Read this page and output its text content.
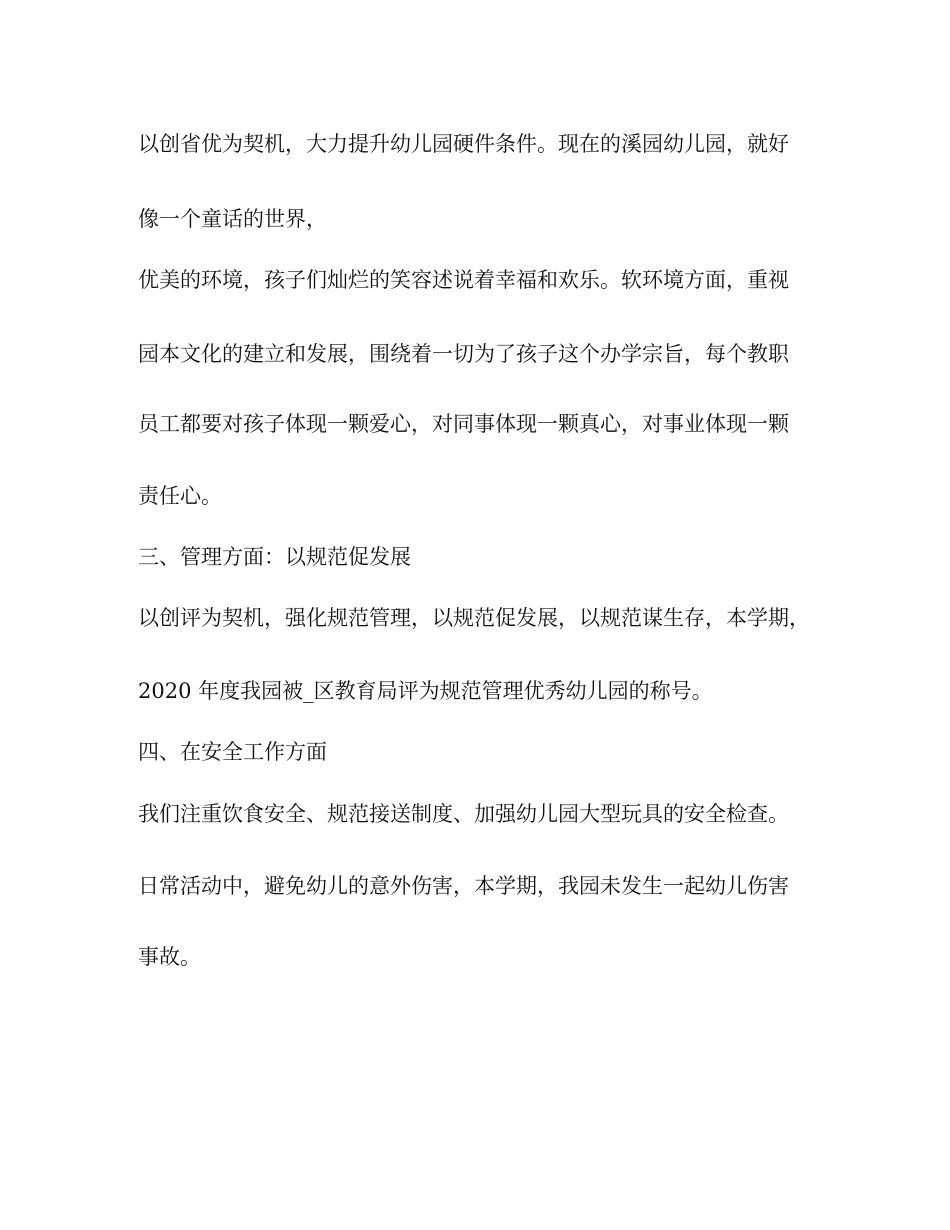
以创省优为契机，大力提升幼儿园硬件条件。现在的溪园幼儿园，就好

像一个童话的世界，

优美的环境，孩子们灿烂的笑容述说着幸福和欢乐。软环境方面，重视

园本文化的建立和发展，围绕着一切为了孩子这个办学宗旨，每个教职

员工都要对孩子体现一颗爱心，对同事体现一颗真心，对事业体现一颗

责任心。

三、管理方面：以规范促发展

以创评为契机，强化规范管理，以规范促发展，以规范谋生存，本学期，

2020 年度我园被_区教育局评为规范管理优秀幼儿园的称号。

四、在安全工作方面

我们注重饮食安全、规范接送制度、加强幼儿园大型玩具的安全检查。

日常活动中，避免幼儿的意外伤害，本学期，我园未发生一起幼儿伤害

事故。
